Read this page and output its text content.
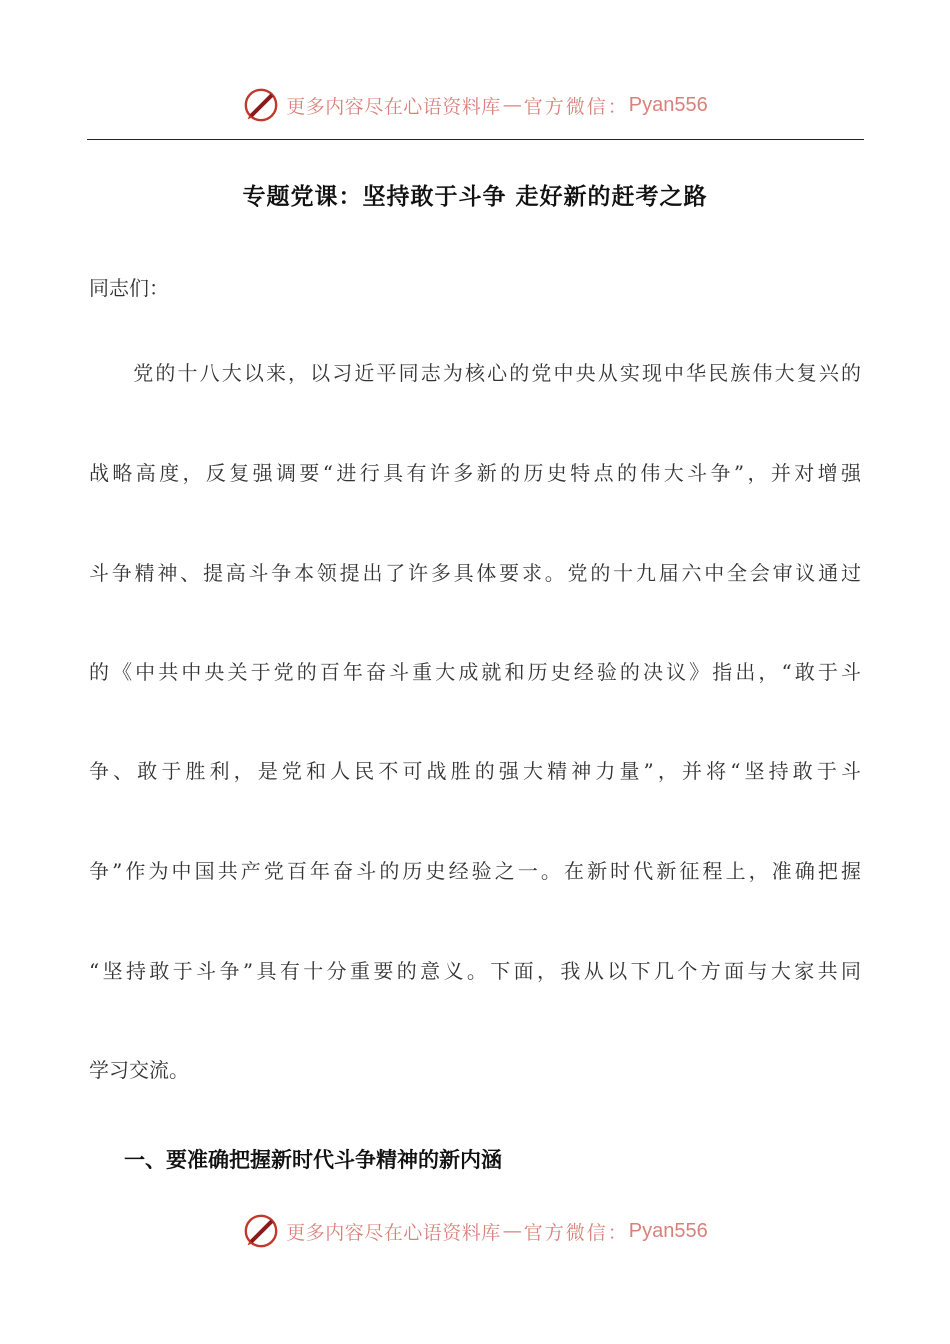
更多内容尽在心语资料库 — 官方微信： Pyan556
专题党课：坚持敢于斗争 走好新的赶考之路
同志们：
　　党的十八大以来，以习近平同志为核心的党中央从实现中华民族伟大复兴的
战略高度，反复强调要“进行具有许多新的历史特点的伟大斗争”，并对增强
斗争精神、提高斗争本领提出了许多具体要求。党的十九届六中全会审议通过
的《中共中央关于党的百年奋斗重大成就和历史经验的决议》指出，“敢于斗
争、敢于胜利，是党和人民不可战胜的强大精神力量”，并将“坚持敢于斗
争”作为中国共产党百年奋斗的历史经验之一。在新时代新征程上，准确把握
“坚持敢于斗争”具有十分重要的意义。下面，我从以下几个方面与大家共同
学习交流。
一、要准确把握新时代斗争精神的新内涵
更多内容尽在心语资料库 — 官方微信： Pyan556
